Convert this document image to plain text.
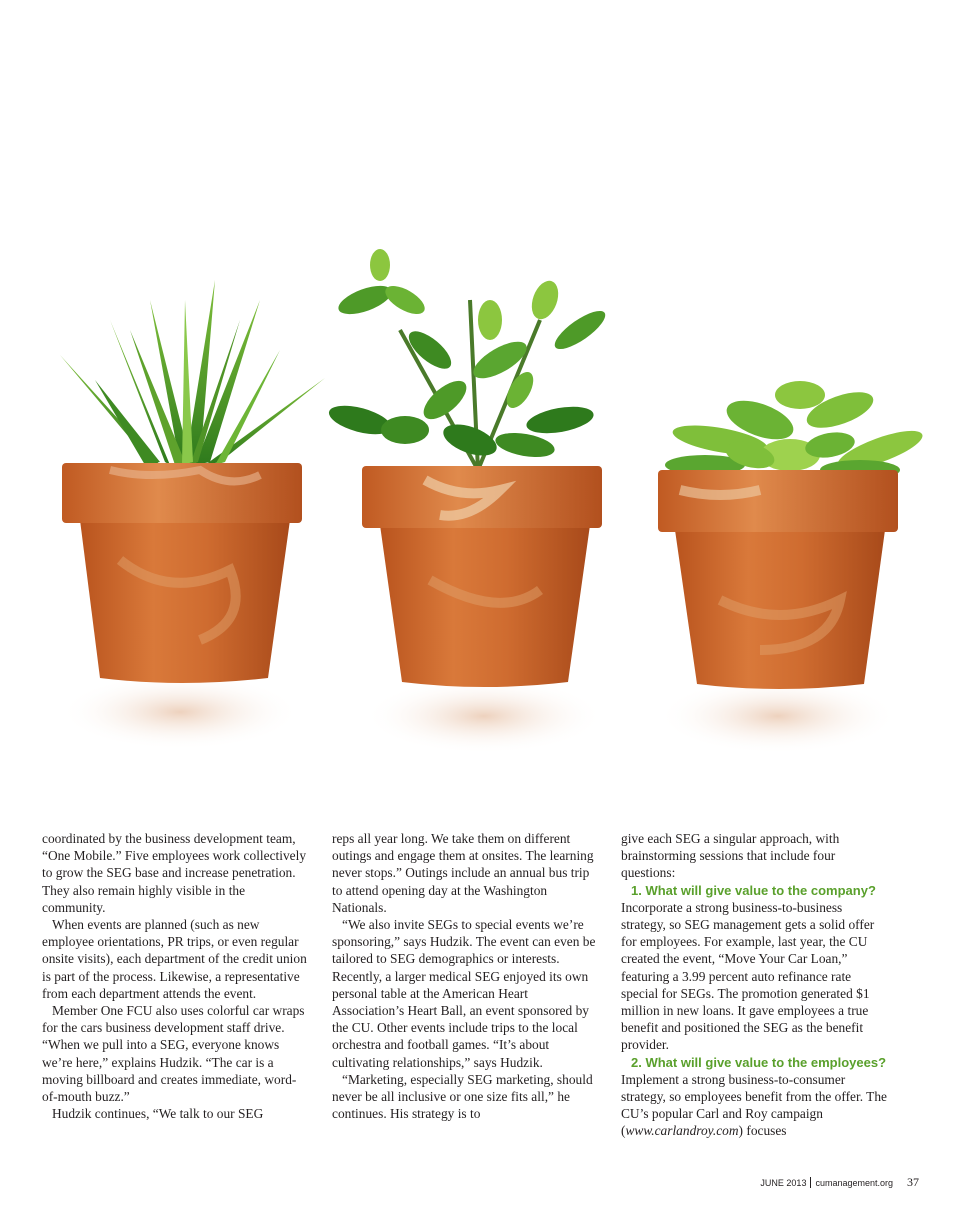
coordinated by the business development team, “One Mobile.” Five employees work collectively to grow the SEG base and increase penetration. They also remain highly visible in the community.

When events are planned (such as new employee orientations, PR trips, or even regular onsite visits), each department of the credit union is part of the process. Likewise, a representative from each department attends the event.

Member One FCU also uses colorful car wraps for the cars business development staff drive. “When we pull into a SEG, everyone knows we’re here,” explains Hudzik. “The car is a moving billboard and creates immediate, word-of-mouth buzz.”

Hudzik continues, “We talk to our SEG

reps all year long. We take them on different outings and engage them at onsites. The learning never stops.” Outings include an annual bus trip to attend opening day at the Washington Nationals.

“We also invite SEGs to special events we’re sponsoring,” says Hudzik. The event can even be tailored to SEG demographics or interests. Recently, a larger medical SEG enjoyed its own personal table at the American Heart Association’s Heart Ball, an event sponsored by the CU. Other events include trips to the local orchestra and football games. “It’s about cultivating relationships,” says Hudzik.

“Marketing, especially SEG marketing, should never be all inclusive or one size fits all,” he continues. His strategy is to

give each SEG a singular approach, with brainstorming sessions that include four questions:

1. What will give value to the company?

Incorporate a strong business-to-business strategy, so SEG management gets a solid offer for employees. For example, last year, the CU created the event, “Move Your Car Loan,” featuring a 3.99 percent auto refinance rate special for SEGs. The promotion generated $1 million in new loans. It gave employees a true benefit and positioned the SEG as the benefit provider.

2. What will give value to the employees? Implement a strong business-to-consumer strategy, so employees benefit from the offer. The CU’s popular Carl and Roy campaign (www.carlandroy.com) focuses

JUNE 2013 cumanagement.org 37
